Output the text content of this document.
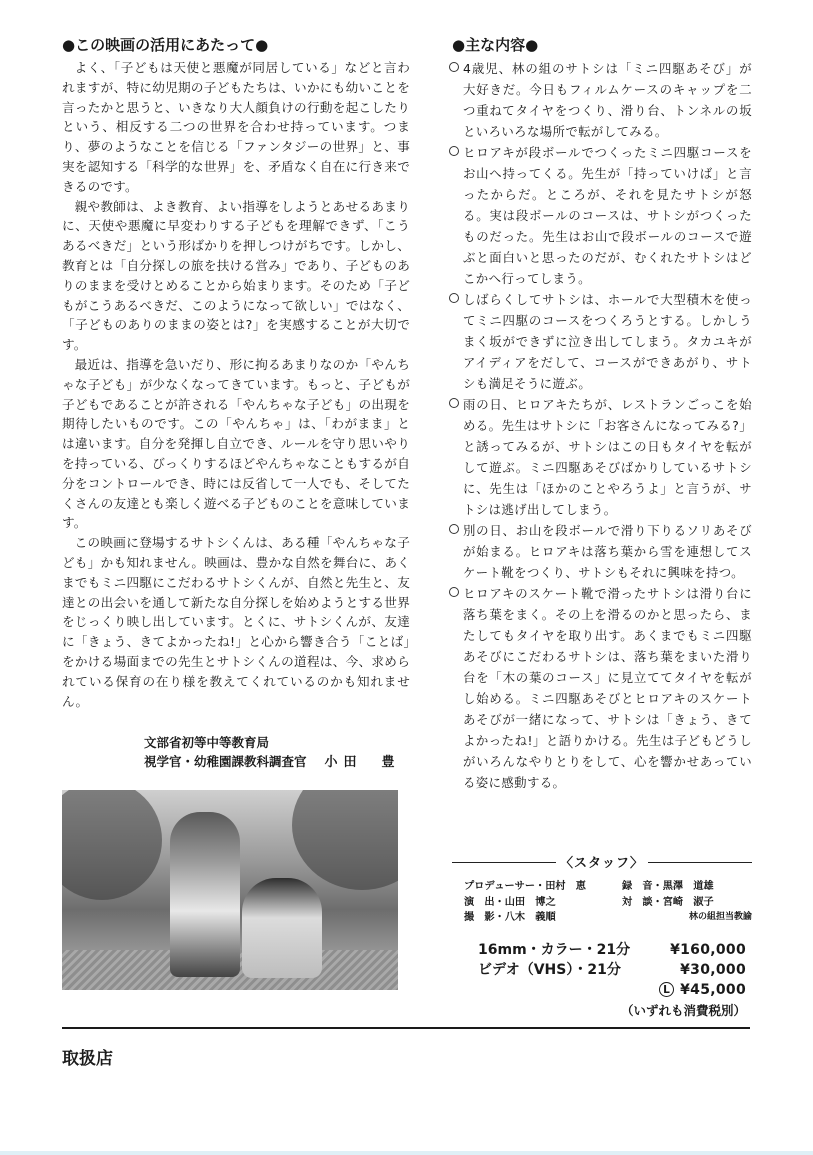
●この映画の活用にあたって●

よく、「子どもは天使と悪魔が同居している」などと言われますが、特に幼児期の子どもたちは、いかにも幼いことを言ったかと思うと、いきなり大人顔負けの行動を起こしたりという、相反する二つの世界を合わせ持っています。つまり、夢のようなことを信じる「ファンタジーの世界」と、事実を認知する「科学的な世界」を、矛盾なく自在に行き来できるのです。

親や教師は、よき教育、よい指導をしようとあせるあまりに、天使や悪魔に早変わりする子どもを理解できず、「こうあるべきだ」という形ばかりを押しつけがちです。しかし、教育とは「自分探しの旅を扶ける営み」であり、子どものありのままを受けとめることから始まります。そのため「子どもがこうあるべきだ、このようになって欲しい」ではなく、「子どものありのままの姿とは?」を実感することが大切です。

最近は、指導を急いだり、形に拘るあまりなのか「やんちゃな子ども」が少なくなってきています。もっと、子どもが子どもであることが許される「やんちゃな子ども」の出現を期待したいものです。この「やんちゃ」は、「わがまま」とは違います。自分を発揮し自立でき、ルールを守り思いやりを持っている、びっくりするほどやんちゃなこともするが自分をコントロールでき、時には反省して一人でも、そしてたくさんの友達とも楽しく遊べる子どものことを意味しています。

この映画に登場するサトシくんは、ある種「やんちゃな子ども」かも知れません。映画は、豊かな自然を舞台に、あくまでもミニ四駆にこだわるサトシくんが、自然と先生と、友達との出会いを通して新たな自分探しを始めようとする世界をじっくり映し出しています。とくに、サトシくんが、友達に「きょう、きてよかったね!」と心から響き合う「ことば」をかける場面までの先生とサトシくんの道程は、今、求められている保育の在り様を教えてくれているのかも知れません。

文部省初等中等教育局
視学官・幼稚園課教科調査官 小田　豊
●主な内容●
4歳児、林の組のサトシは「ミニ四駆あそび」が大好きだ。今日もフィルムケースのキャップを二つ重ねてタイヤをつくり、滑り台、トンネルの坂といろいろな場所で転がしてみる。
ヒロアキが段ボールでつくったミニ四駆コースをお山へ持ってくる。先生が「持っていけば」と言ったからだ。ところが、それを見たサトシが怒る。実は段ボールのコースは、サトシがつくったものだった。先生はお山で段ボールのコースで遊ぶと面白いと思ったのだが、むくれたサトシはどこかへ行ってしまう。
しばらくしてサトシは、ホールで大型積木を使ってミニ四駆のコースをつくろうとする。しかしうまく坂ができずに泣き出してしまう。タカユキがアイディアをだして、コースができあがり、サトシも満足そうに遊ぶ。
雨の日、ヒロアキたちが、レストランごっこを始める。先生はサトシに「お客さんになってみる?」と誘ってみるが、サトシはこの日もタイヤを転がして遊ぶ。ミニ四駆あそびばかりしているサトシに、先生は「ほかのことやろうよ」と言うが、サトシは逃げ出してしまう。
別の日、お山を段ボールで滑り下りるソリあそびが始まる。ヒロアキは落ち葉から雪を連想してスケート靴をつくり、サトシもそれに興味を持つ。
ヒロアキのスケート靴で滑ったサトシは滑り台に落ち葉をまく。その上を滑るのかと思ったら、またしてもタイヤを取り出す。あくまでもミニ四駆あそびにこだわるサトシは、落ち葉をまいた滑り台を「木の葉のコース」に見立ててタイヤを転がし始める。ミニ四駆あそびとヒロアキのスケートあそびが一緒になって、サトシは「きょう、きてよかったね!」と語りかける。先生は子どもどうしがいろんなやりとりをして、心を響かせあっている姿に感動する。
〈スタッフ〉
プロデューサー・田村　恵	録　音・黒澤　道雄
演　出・山田　博之	対　談・宮崎　淑子
撮　影・八木　義順	林の組担当教諭
16mm・カラー・21分	¥160,000
ビデオ（VHS）・21分	¥30,000
L ¥45,000
（いずれも消費税別）
取扱店
